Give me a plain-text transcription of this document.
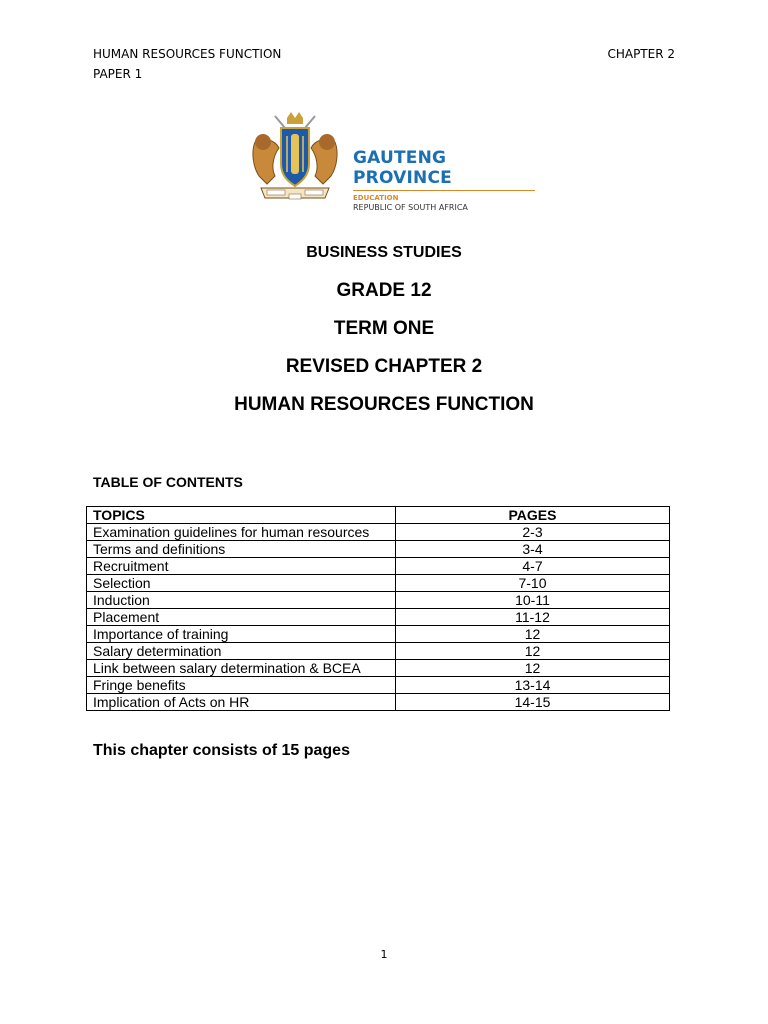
HUMAN RESOURCES FUNCTION
PAPER 1
CHAPTER 2
GAUTENG PROVINCE
EDUCATION
REPUBLIC OF SOUTH AFRICA
BUSINESS STUDIES
GRADE 12
TERM ONE
REVISED CHAPTER 2
HUMAN RESOURCES FUNCTION
TABLE OF CONTENTS
TOPICS	PAGES
Examination guidelines for human resources	2-3
Terms and definitions	3-4
Recruitment	4-7
Selection	7-10
Induction	10-11
Placement	11-12
Importance of training	12
Salary determination	12
Link between salary determination & BCEA	12
Fringe benefits	13-14
Implication of Acts on HR	14-15
This chapter consists of 15 pages
1
